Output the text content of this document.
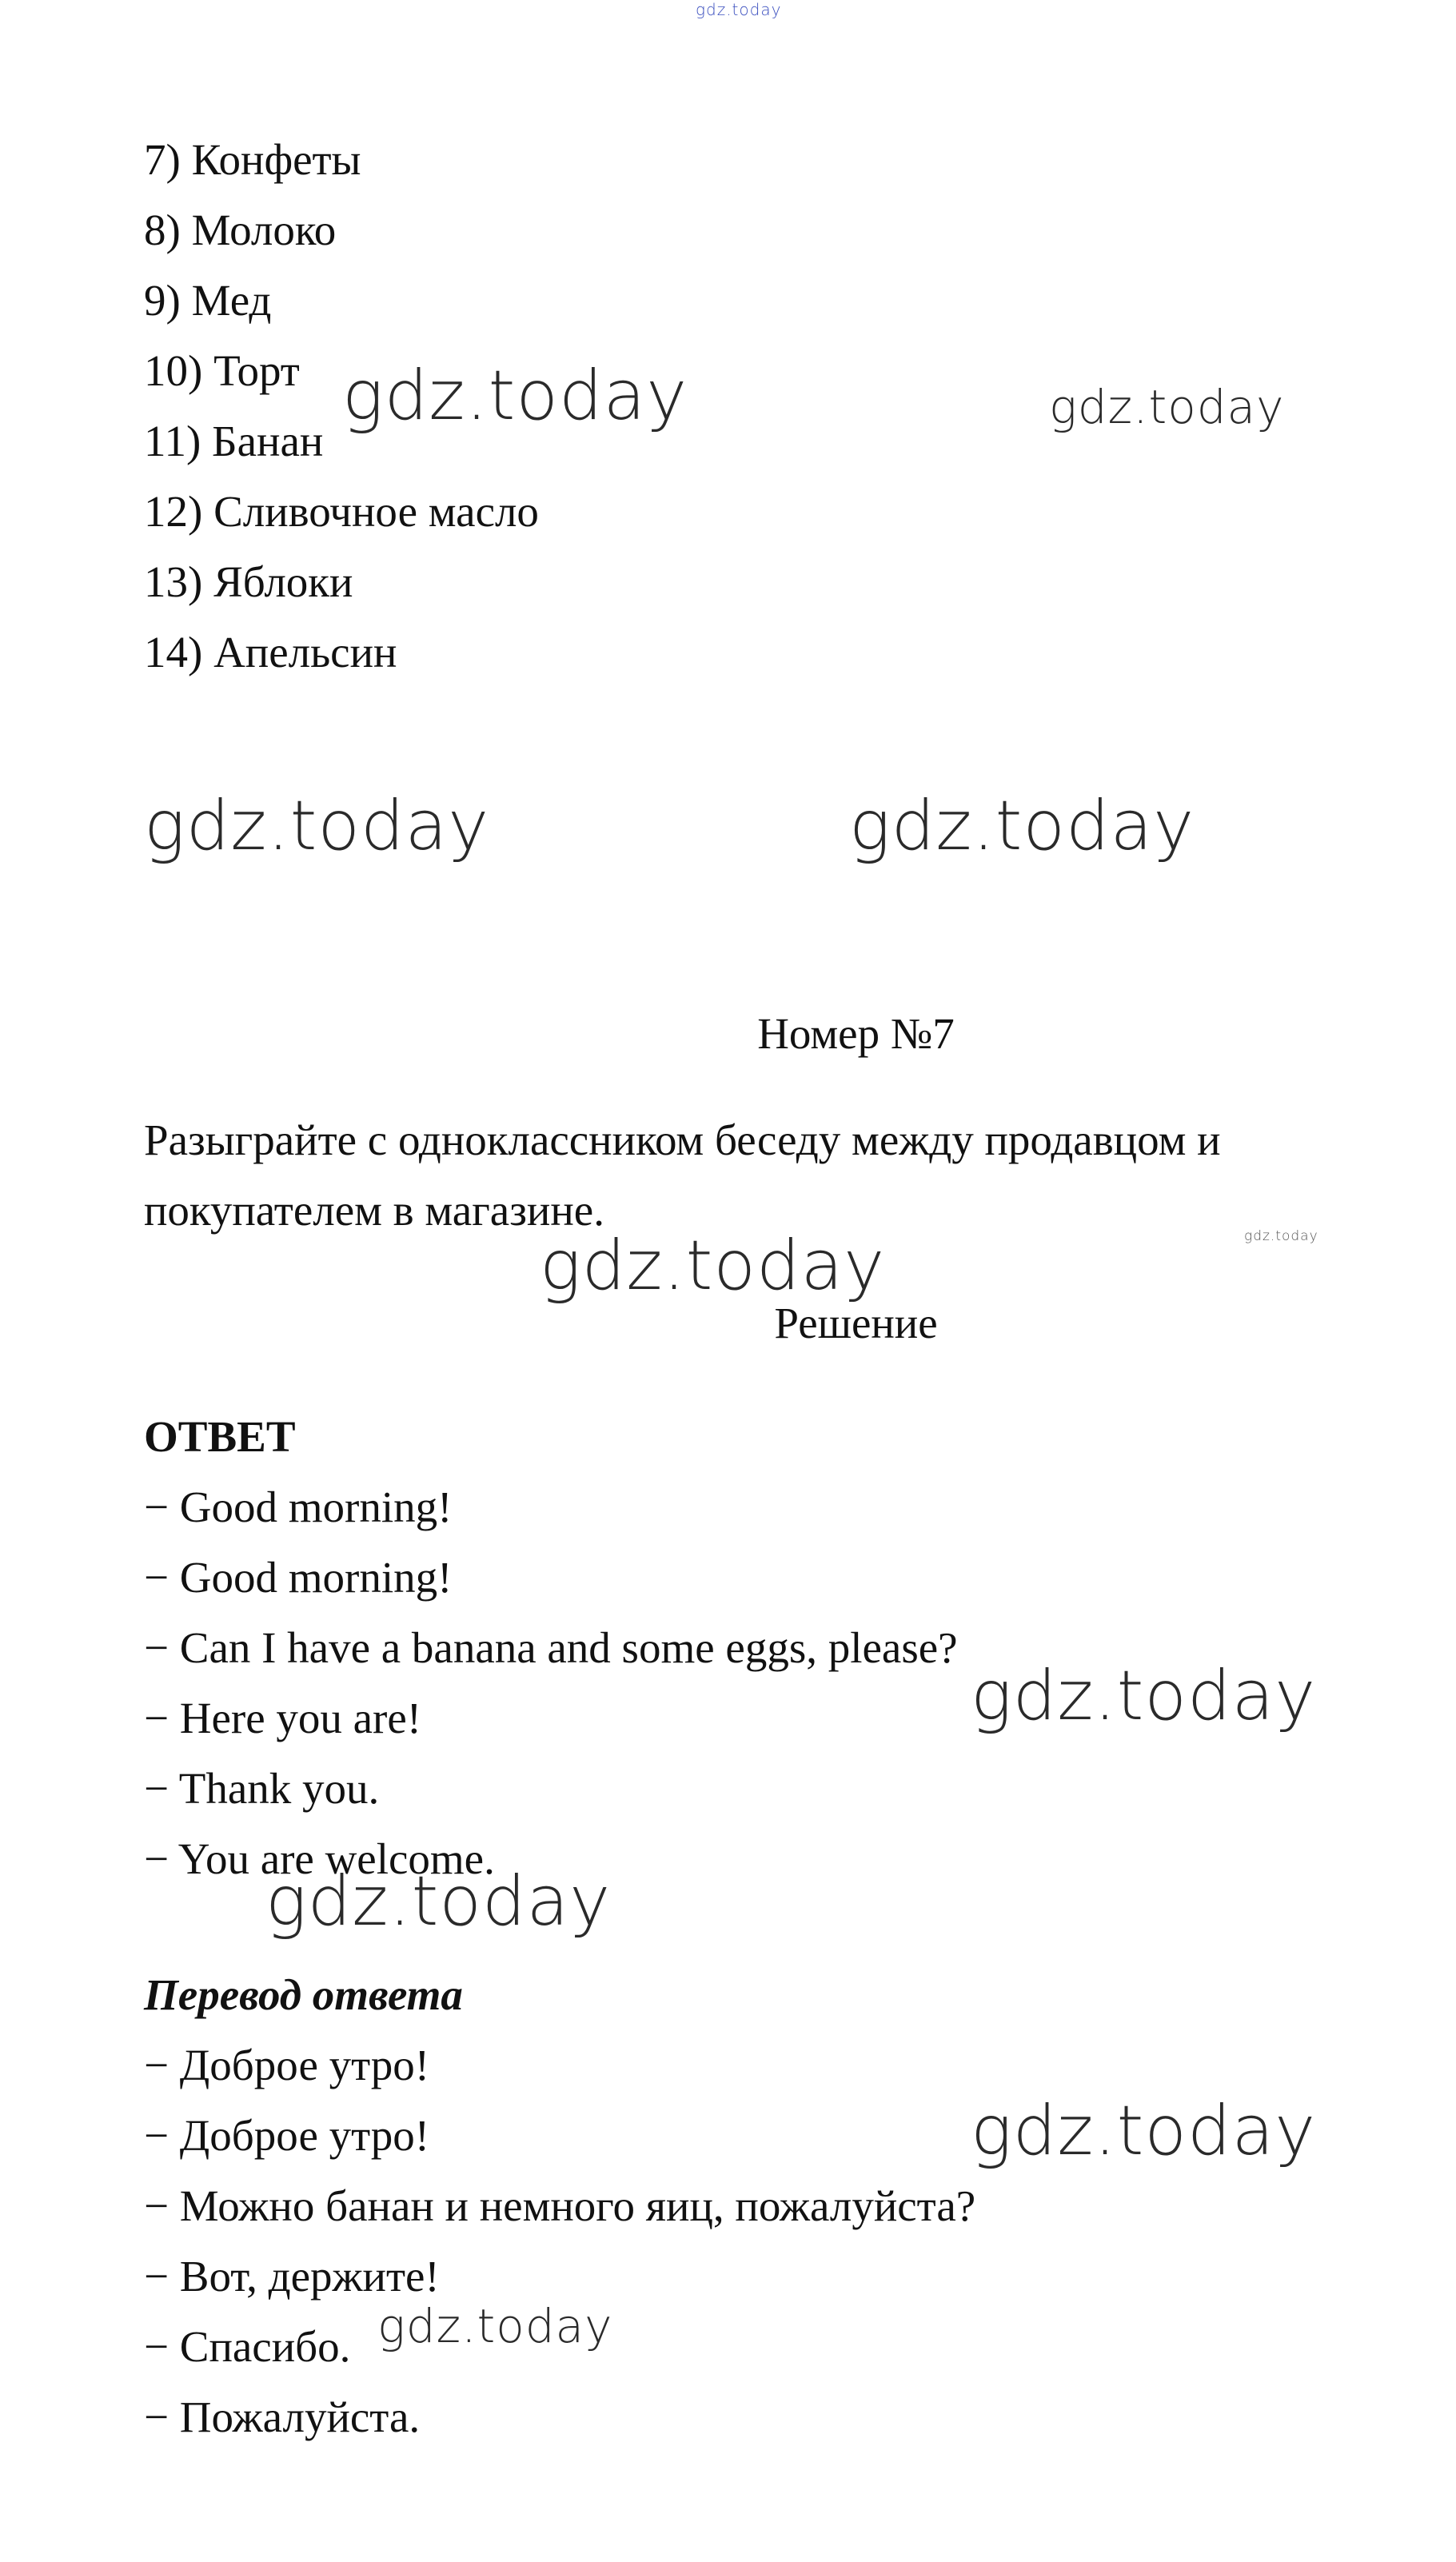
gdz.today

7) Конфеты

8) Молоко

9) Мед

10) Торт

11) Банан

12) Сливочное масло

13) Яблоки

14) Апельсин

gdz.today	gdz.today

gdz.today	gdz.today

Номер №7

Разыграйте с одноклассником беседу между продавцом и покупателем в магазине.

gdz.today

gdz.today

Решение

ОТВЕТ

− Good morning!

− Good morning!

− Can I have a banana and some eggs, please?

− Here you are!

− Thank you.

− You are welcome.

gdz.today

gdz.today

Перевод ответа

− Доброе утро!

− Доброе утро!

− Можно банан и немного яиц, пожалуйста?

− Вот, держите!

− Спасибо.

− Пожалуйста.

gdz.today

gdz.today
